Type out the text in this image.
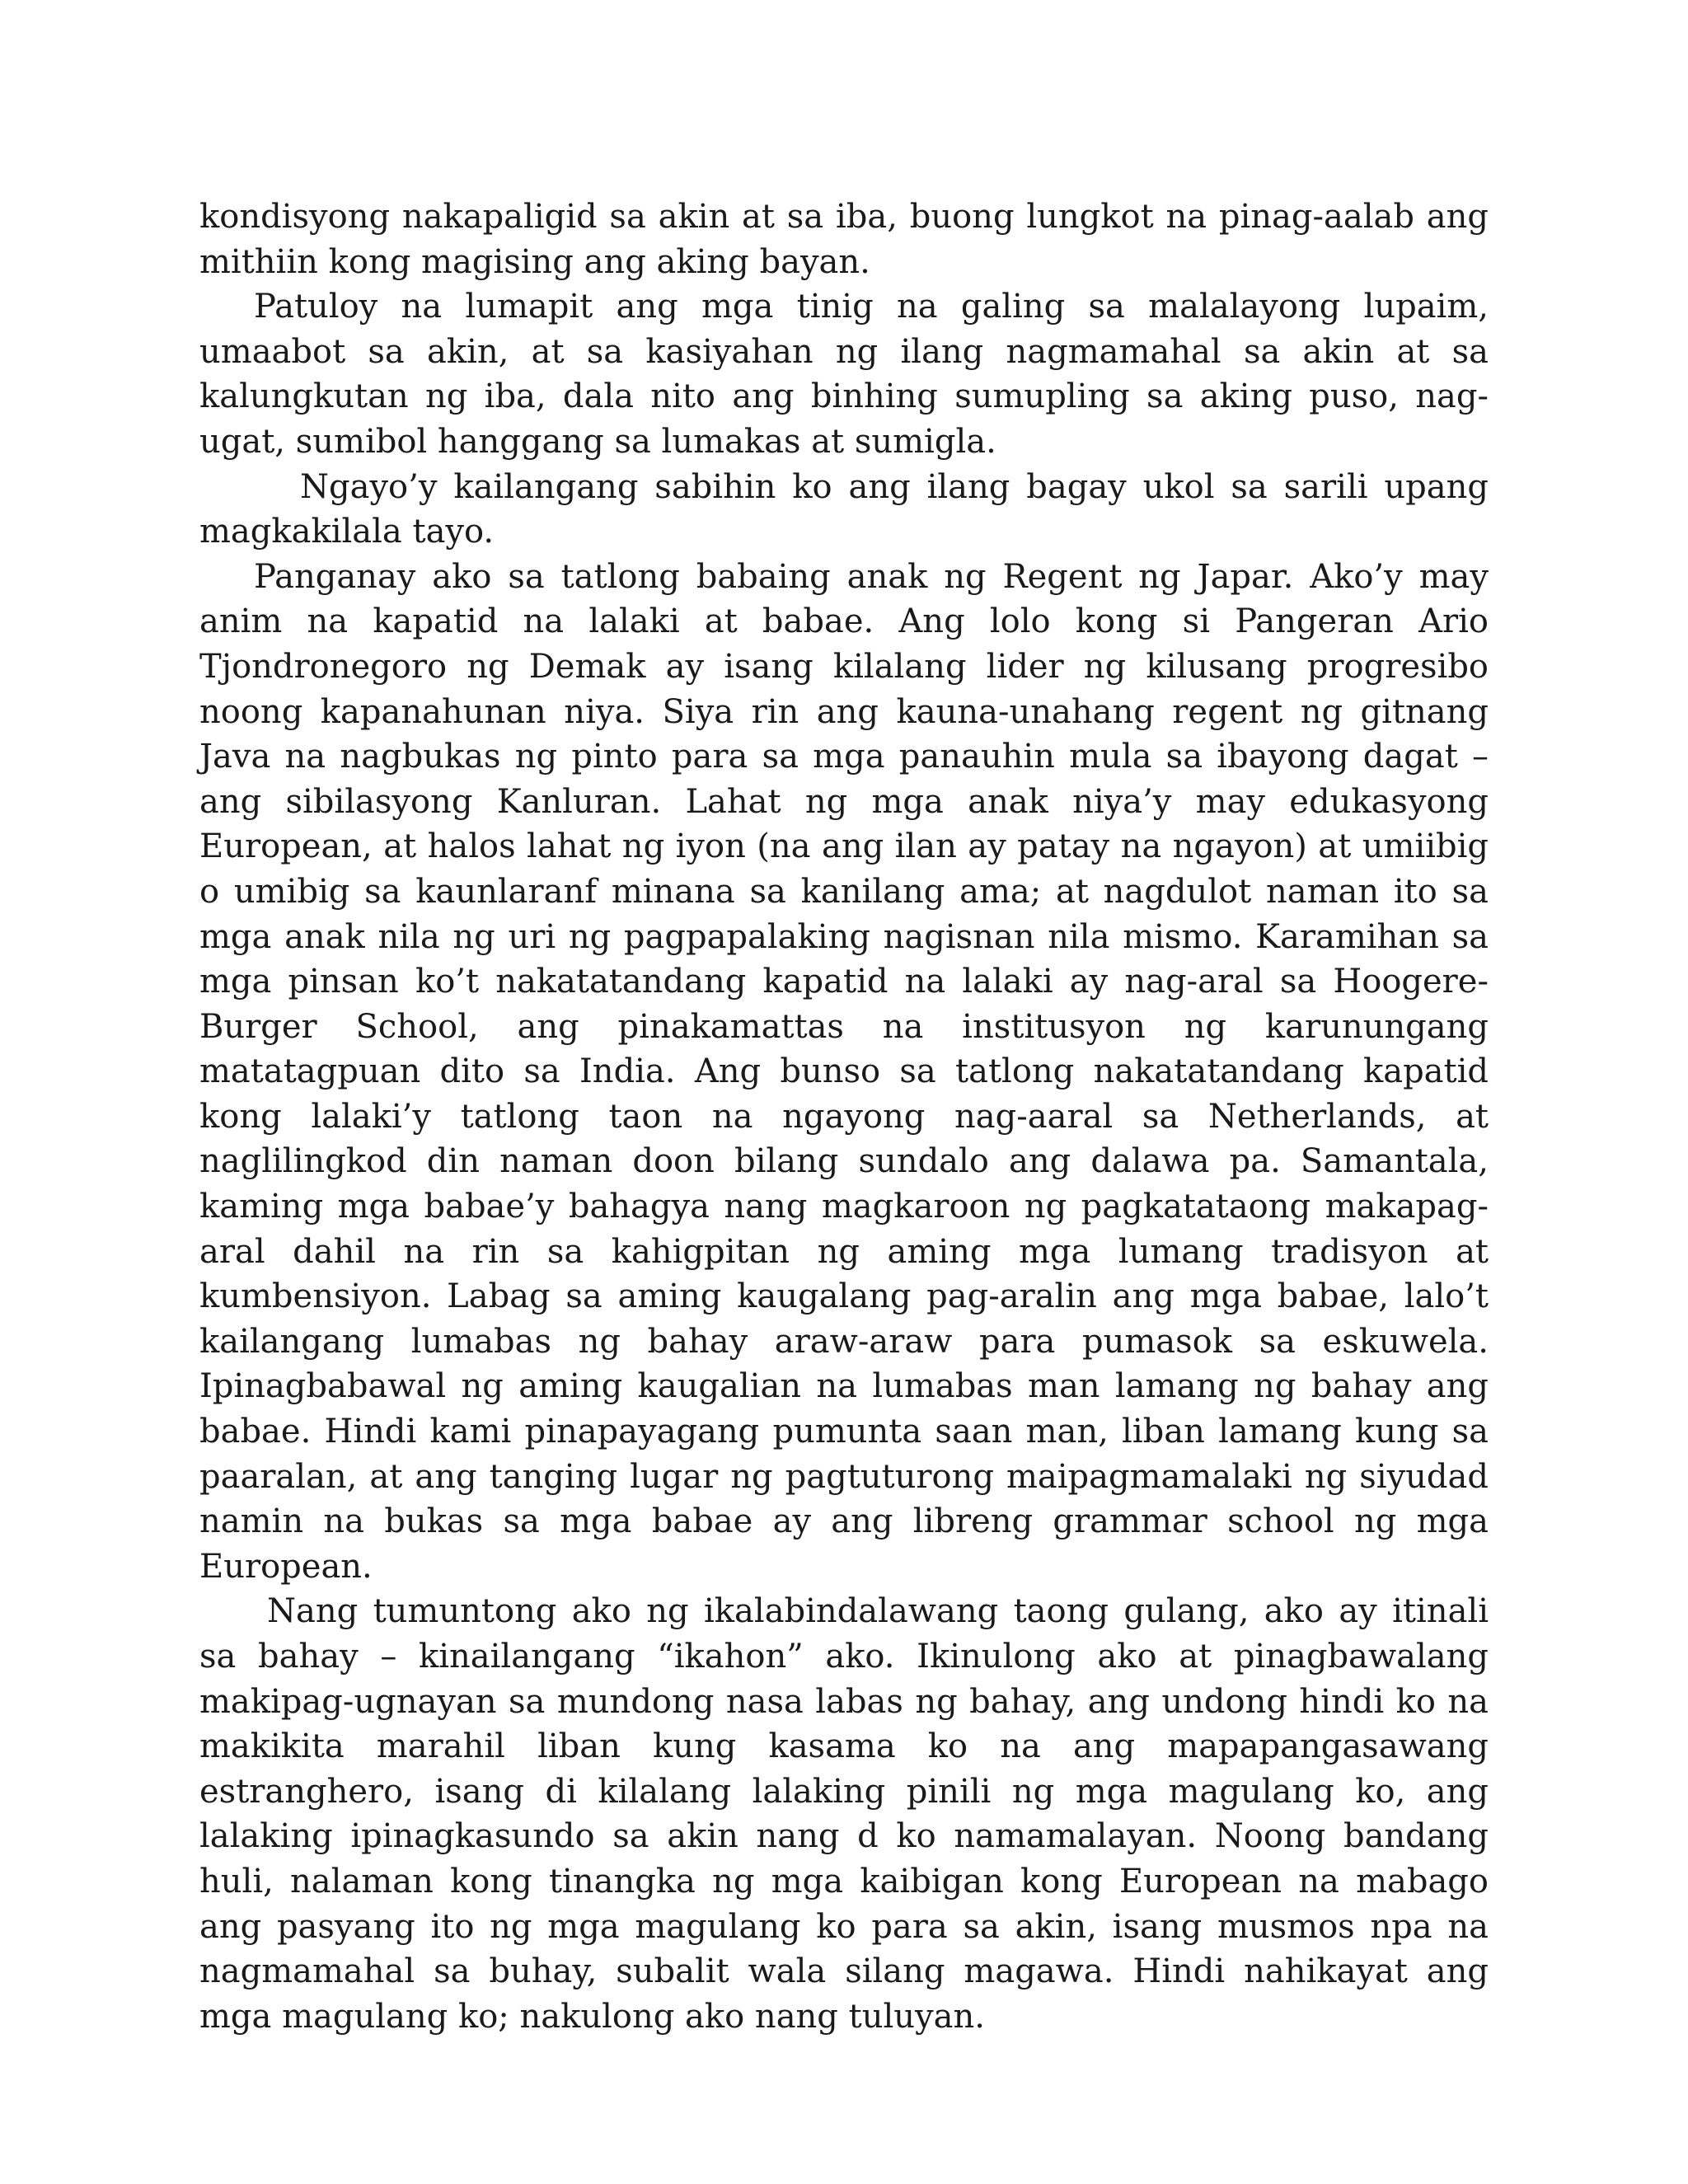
kondisyong nakapaligid sa akin at sa iba, buong lungkot na pinag-aalab ang mithiin kong magising ang aking bayan.

Patuloy na lumapit ang mga tinig na galing sa malalayong lupaim, umaabot sa akin, at sa kasiyahan ng ilang nagmamahal sa akin at sa kalungkutan ng iba, dala nito ang binhing sumupling sa aking puso, nag-ugat, sumibol hanggang sa lumakas at sumigla.

Ngayo’y kailangang sabihin ko ang ilang bagay ukol sa sarili upang magkakilala tayo.

Panganay ako sa tatlong babaing anak ng Regent ng Japar. Ako’y may anim na kapatid na lalaki at babae. Ang lolo kong si Pangeran Ario Tjondronegoro ng Demak ay isang kilalang lider ng kilusang progresibo noong kapanahunan niya. Siya rin ang kauna-unahang regent ng gitnang Java na nagbukas ng pinto para sa mga panauhin mula sa ibayong dagat – ang sibilasyong Kanluran. Lahat ng mga anak niya’y may edukasyong European, at halos lahat ng iyon (na ang ilan ay patay na ngayon) at umiibig o umibig sa kaunlaranf minana sa kanilang ama; at nagdulot naman ito sa mga anak nila ng uri ng pagpapalaking nagisnan nila mismo. Karamihan sa mga pinsan ko’t nakatatandang kapatid na lalaki ay nag-aral sa Hoogere-Burger School, ang pinakamattas na institusyon ng karunungang matatagpuan dito sa India. Ang bunso sa tatlong nakatatandang kapatid kong lalaki’y tatlong taon na ngayong nag-aaral sa Netherlands, at naglilingkod din naman doon bilang sundalo ang dalawa pa. Samantala, kaming mga babae’y bahagya nang magkaroon ng pagkatataong makapag-aral dahil na rin sa kahigpitan ng aming mga lumang tradisyon at kumbensiyon. Labag sa aming kaugalang pag-aralin ang mga babae, lalo’t kailangang lumabas ng bahay araw-araw para pumasok sa eskuwela. Ipinagbabawal ng aming kaugalian na lumabas man lamang ng bahay ang babae. Hindi kami pinapayagang pumunta saan man, liban lamang kung sa paaralan, at ang tanging lugar ng pagtuturong maipagmamalaki ng siyudad namin na bukas sa mga babae ay ang libreng grammar school ng mga European.

Nang tumuntong ako ng ikalabindalawang taong gulang, ako ay itinali sa bahay – kinailangang “ikahon” ako. Ikinulong ako at pinagbawalang makipag-ugnayan sa mundong nasa labas ng bahay, ang undong hindi ko na makikita marahil liban kung kasama ko na ang mapapangasawang estranghero, isang di kilalang lalaking pinili ng mga magulang ko, ang lalaking ipinagkasundo sa akin nang d ko namamalayan. Noong bandang huli, nalaman kong tinangka ng mga kaibigan kong European na mabago ang pasyang ito ng mga magulang ko para sa akin, isang musmos npa na nagmamahal sa buhay, subalit wala silang magawa. Hindi nahikayat ang mga magulang ko; nakulong ako nang tuluyan.
